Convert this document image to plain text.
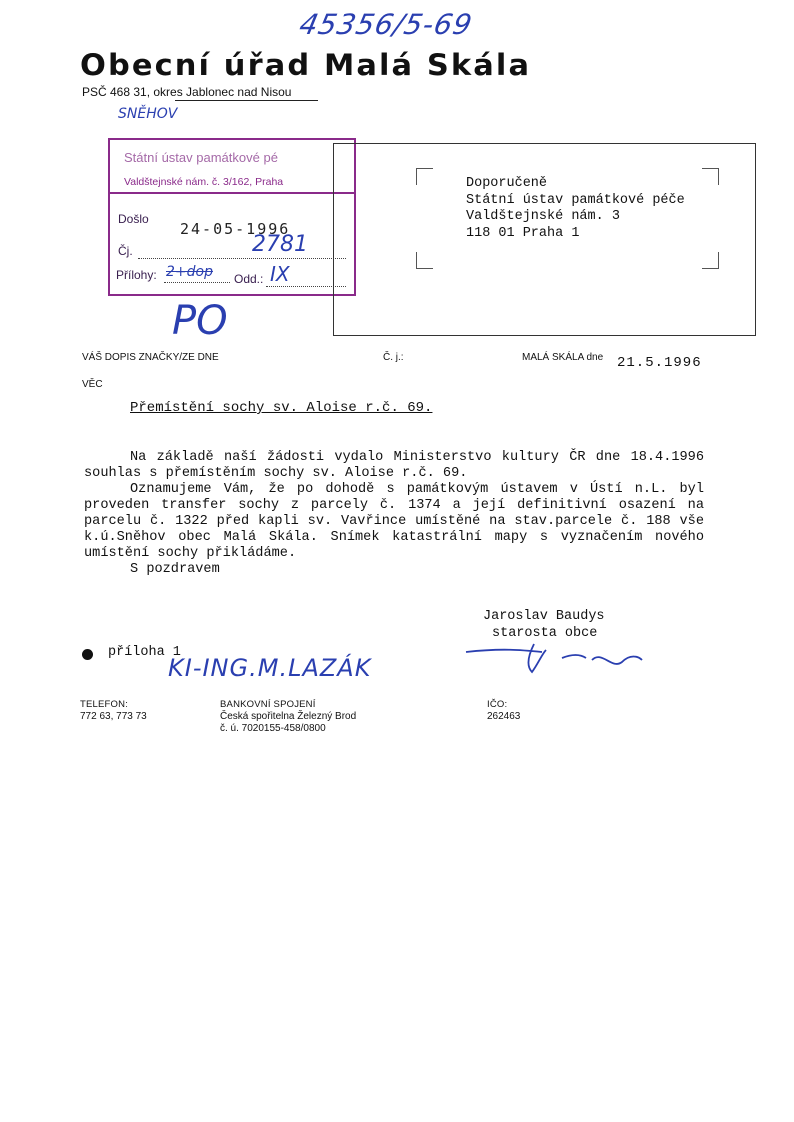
45356/5-69
Obecní úřad Malá Skála
PSČ 468 31, okres Jablonec nad Nisou
SNĚHOV
Státní ústav památkové pé
Valdštejnské nám. č. 3/162, Praha
Došlo
24-05-1996
Čj.	2781
Přílohy: 2+dop Odd.: IX
PO
Doporučeně
Státní ústav památkové péče
Valdštejnské nám. 3
118 01 Praha 1
VÁŠ DOPIS ZNAČKY/ZE DNE	Č. j.:	MALÁ SKÁLA dne 21.5.1996
VĚC
Přemístění sochy sv. Aloise r.č. 69.

Na základě naší žádosti vydalo Ministerstvo kultury ČR dne 18.4.1996 souhlas s přemístěním sochy sv. Aloise r.č. 69.

Oznamujeme Vám, že po dohodě s památkovým ústavem v Ústí n.L. byl proveden transfer sochy z parcely č. 1374 a její definitivní osazení na parcelu č. 1322 před kapli sv. Vavřince umístěné na stav.parcele č. 188 vše k.ú.Sněhov obec Malá Skála. Snímek katastrální mapy s vyznačením nového umístění sochy přikládáme.

S pozdravem

Jaroslav Baudys
starosta obce
příloha 1
KI-ING.M.LAZÁK
TELEFON:
772 63, 773 73
BANKOVNÍ SPOJENÍ
Česká spořitelna Železný Brod
č. ú. 7020155-458/0800
IČO:
262463
